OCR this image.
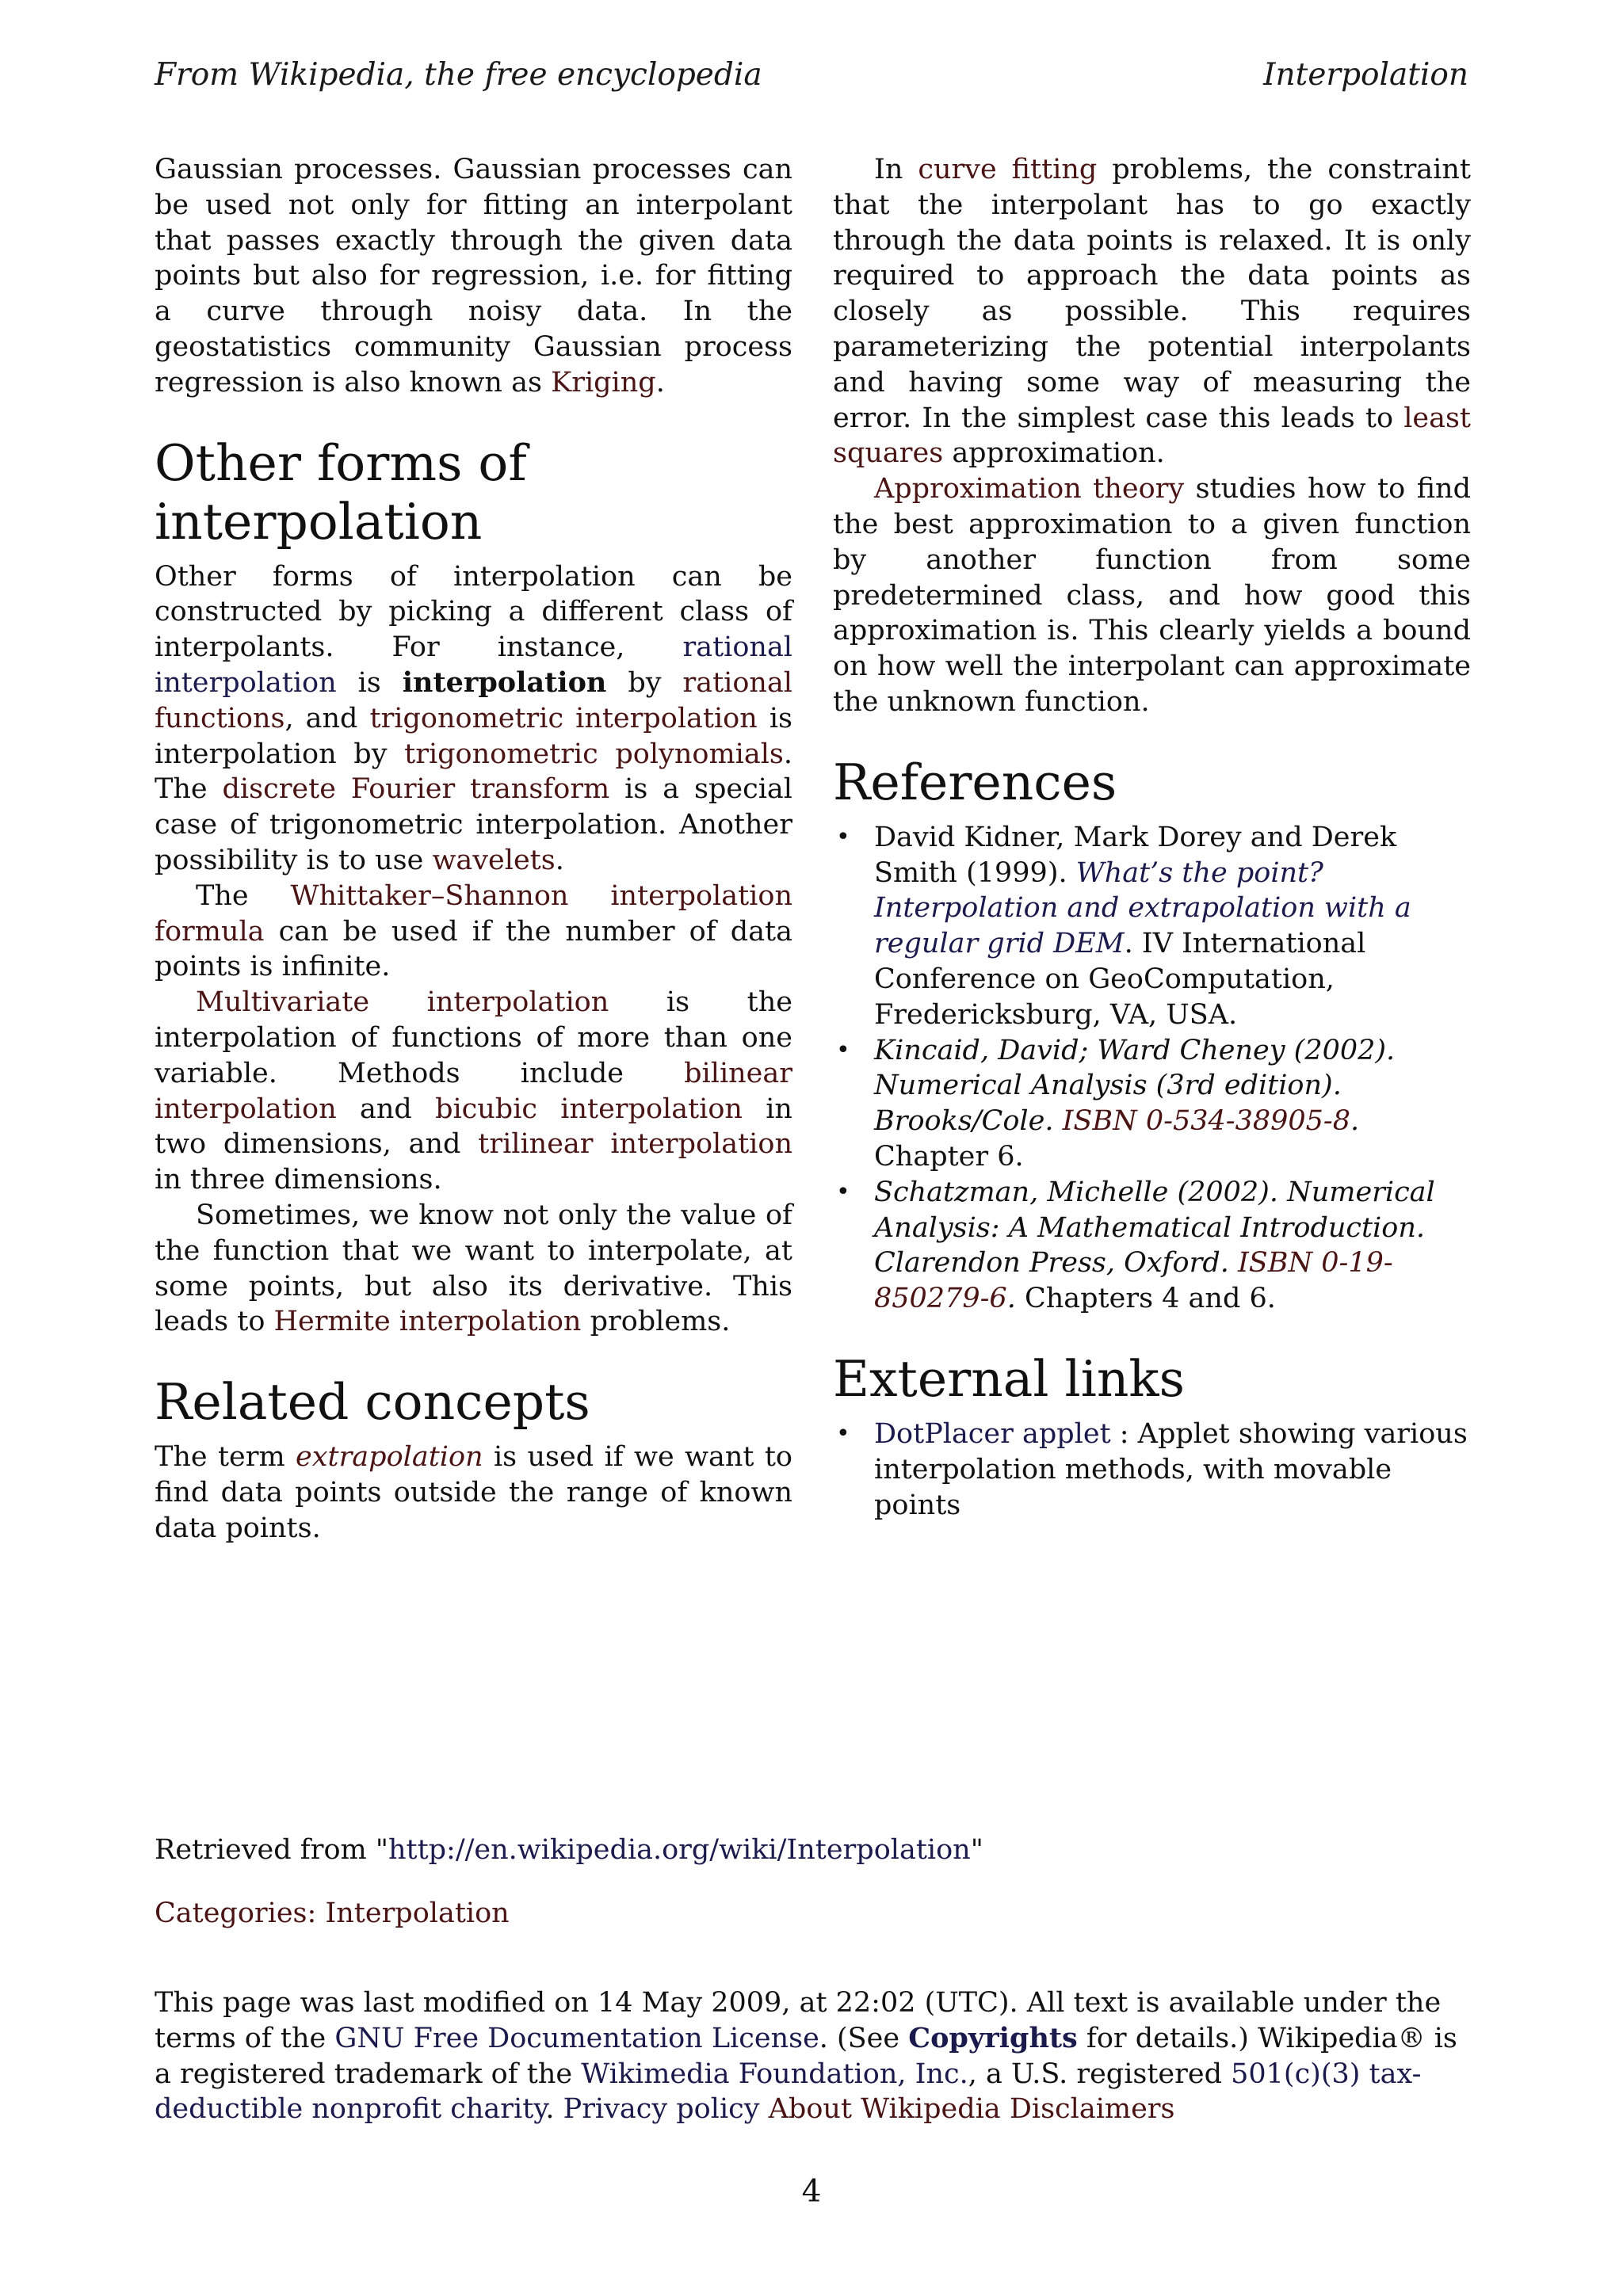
From Wikipedia, the free encyclopedia	Interpolation

Gaussian processes. Gaussian processes can be used not only for fitting an interpolant that passes exactly through the given data points but also for regression, i.e. for fitting a curve through noisy data. In the geostatistics community Gaussian process regression is also known as Kriging.

Other forms of interpolation

Other forms of interpolation can be constructed by picking a different class of interpolants. For instance, rational interpolation is interpolation by rational functions, and trigonometric interpolation is interpolation by trigonometric polynomials. The discrete Fourier transform is a special case of trigonometric interpolation. Another possibility is to use wavelets.

The Whittaker–Shannon interpolation formula can be used if the number of data points is infinite.

Multivariate interpolation is the interpolation of functions of more than one variable. Methods include bilinear interpolation and bicubic interpolation in two dimensions, and trilinear interpolation in three dimensions.

Sometimes, we know not only the value of the function that we want to interpolate, at some points, but also its derivative. This leads to Hermite interpolation problems.

Related concepts

The term extrapolation is used if we want to find data points outside the range of known data points.

In curve fitting problems, the constraint that the interpolant has to go exactly through the data points is relaxed. It is only required to approach the data points as closely as possible. This requires parameterizing the potential interpolants and having some way of measuring the error. In the simplest case this leads to least squares approximation.

Approximation theory studies how to find the best approximation to a given function by another function from some predetermined class, and how good this approximation is. This clearly yields a bound on how well the interpolant can approximate the unknown function.

References
• David Kidner, Mark Dorey and Derek Smith (1999). What’s the point? Interpolation and extrapolation with a regular grid DEM. IV International Conference on GeoComputation, Fredericksburg, VA, USA.
• Kincaid, David; Ward Cheney (2002). Numerical Analysis (3rd edition). Brooks/Cole. ISBN 0-534-38905-8. Chapter 6.
• Schatzman, Michelle (2002). Numerical Analysis: A Mathematical Introduction. Clarendon Press, Oxford. ISBN 0-19-850279-6. Chapters 4 and 6.
External links
• DotPlacer applet : Applet showing various interpolation methods, with movable points
Retrieved from "http://en.wikipedia.org/wiki/Interpolation"
Categories: Interpolation
This page was last modified on 14 May 2009, at 22:02 (UTC). All text is available under the terms of the GNU Free Documentation License. (See Copyrights for details.) Wikipedia® is a registered trademark of the Wikimedia Foundation, Inc., a U.S. registered 501(c)(3) tax-deductible nonprofit charity. Privacy policy About Wikipedia Disclaimers
4
